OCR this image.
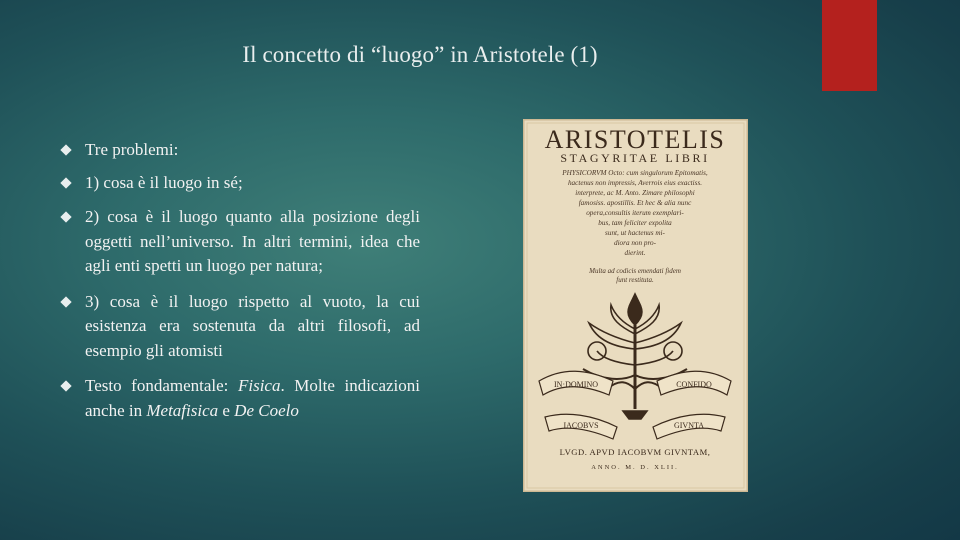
Il concetto di “luogo” in Aristotele (1)
Tre problemi:
1) cosa è il luogo in sé;
2) cosa è il luogo quanto alla posizione degli oggetti nell’universo. In altri termini, idea che agli enti spetti un luogo per natura;
3) cosa è il luogo rispetto al vuoto, la cui esistenza era sostenuta da altri filosofi, ad esempio gli atomisti
Testo fondamentale: Fisica. Molte indicazioni anche in Metafisica e De Coelo
ARISTOTELIS
STAGYRITAE LIBRI
PHYSICORVM Octo: cum singulorum Epitomatis,
hactenus non impressis, Averrois eius exactiss.
interprete, ac M. Anto. Zimare philosophi
famosiss. apostillis. Et hec & alia nunc
opera,consultis iterum exemplari-
bus, tam feliciter expolita
sunt, ut hactenus mi-
diora non pro-
dierint.
Multa ad codicis emendati fidem
funt restituta.
IN·DOMINO	CONFIDO
IACOBVS	GIVNTA
LVGD. APVD IACOBVM GIVNTAM,
ANNO. M. D. XLII.
